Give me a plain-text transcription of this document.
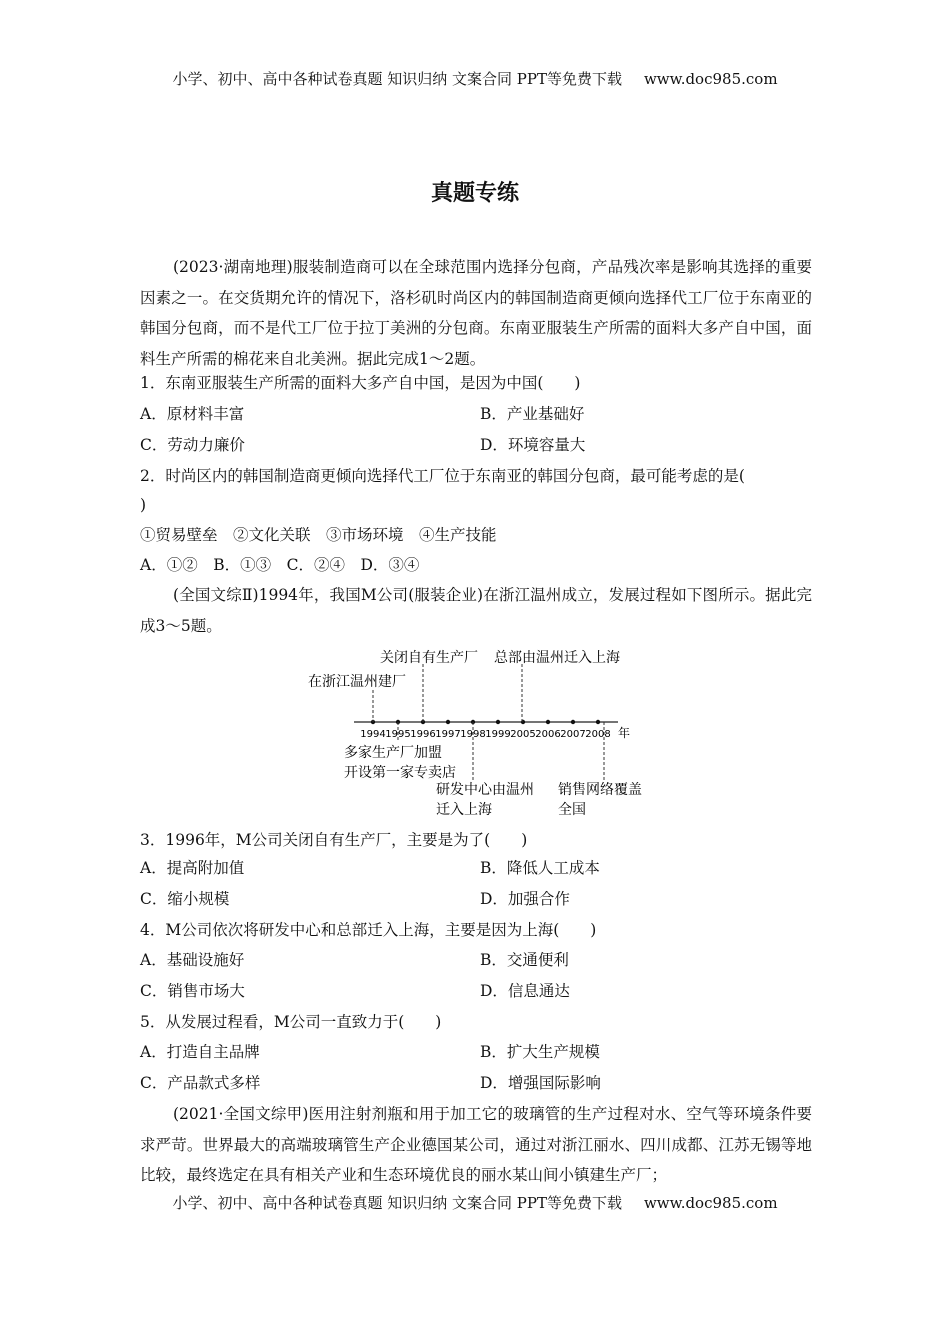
小学、初中、高中各种试卷真题 知识归纳 文案合同 PPT等免费下载 www.doc985.com
真题专练
(2023·湖南地理)服装制造商可以在全球范围内选择分包商，产品残次率是影响其选择的重要因素之一。在交货期允许的情况下，洛杉矶时尚区内的韩国制造商更倾向选择代工厂位于东南亚的韩国分包商，而不是代工厂位于拉丁美洲的分包商。东南亚服装生产所需的面料大多产自中国，面料生产所需的棉花来自北美洲。据此完成1～2题。
1．东南亚服装生产所需的面料大多产自中国，是因为中国(　　)
A．原材料丰富	B．产业基础好
C．劳动力廉价	D．环境容量大
2．时尚区内的韩国制造商更倾向选择代工厂位于东南亚的韩国分包商，最可能考虑的是(
)
①贸易壁垒　②文化关联　③市场环境　④生产技能
A．①②　B．①③　C．②④　D．③④
(全国文综Ⅱ)1994年，我国M公司(服装企业)在浙江温州成立，发展过程如下图所示。据此完成3～5题。
1994 1995 1996 1997 1998 1999 2005 2006 2007 2008 年
关闭自有生产厂 总部由温州迁入上海
在浙江温州建厂
多家生产厂加盟
开设第一家专卖店
研发中心由温州
迁入上海
销售网络覆盖
全国
3．1996年，M公司关闭自有生产厂，主要是为了(　　)
A．提高附加值	B．降低人工成本
C．缩小规模	D．加强合作
4．M公司依次将研发中心和总部迁入上海，主要是因为上海(　　)
A．基础设施好	B．交通便利
C．销售市场大	D．信息通达
5．从发展过程看，M公司一直致力于(　　)
A．打造自主品牌	B．扩大生产规模
C．产品款式多样	D．增强国际影响
(2021·全国文综甲)医用注射剂瓶和用于加工它的玻璃管的生产过程对水、空气等环境条件要求严苛。世界最大的高端玻璃管生产企业德国某公司，通过对浙江丽水、四川成都、江苏无锡等地比较，最终选定在具有相关产业和生态环境优良的丽水某山间小镇建生产厂；
小学、初中、高中各种试卷真题 知识归纳 文案合同 PPT等免费下载 www.doc985.com
